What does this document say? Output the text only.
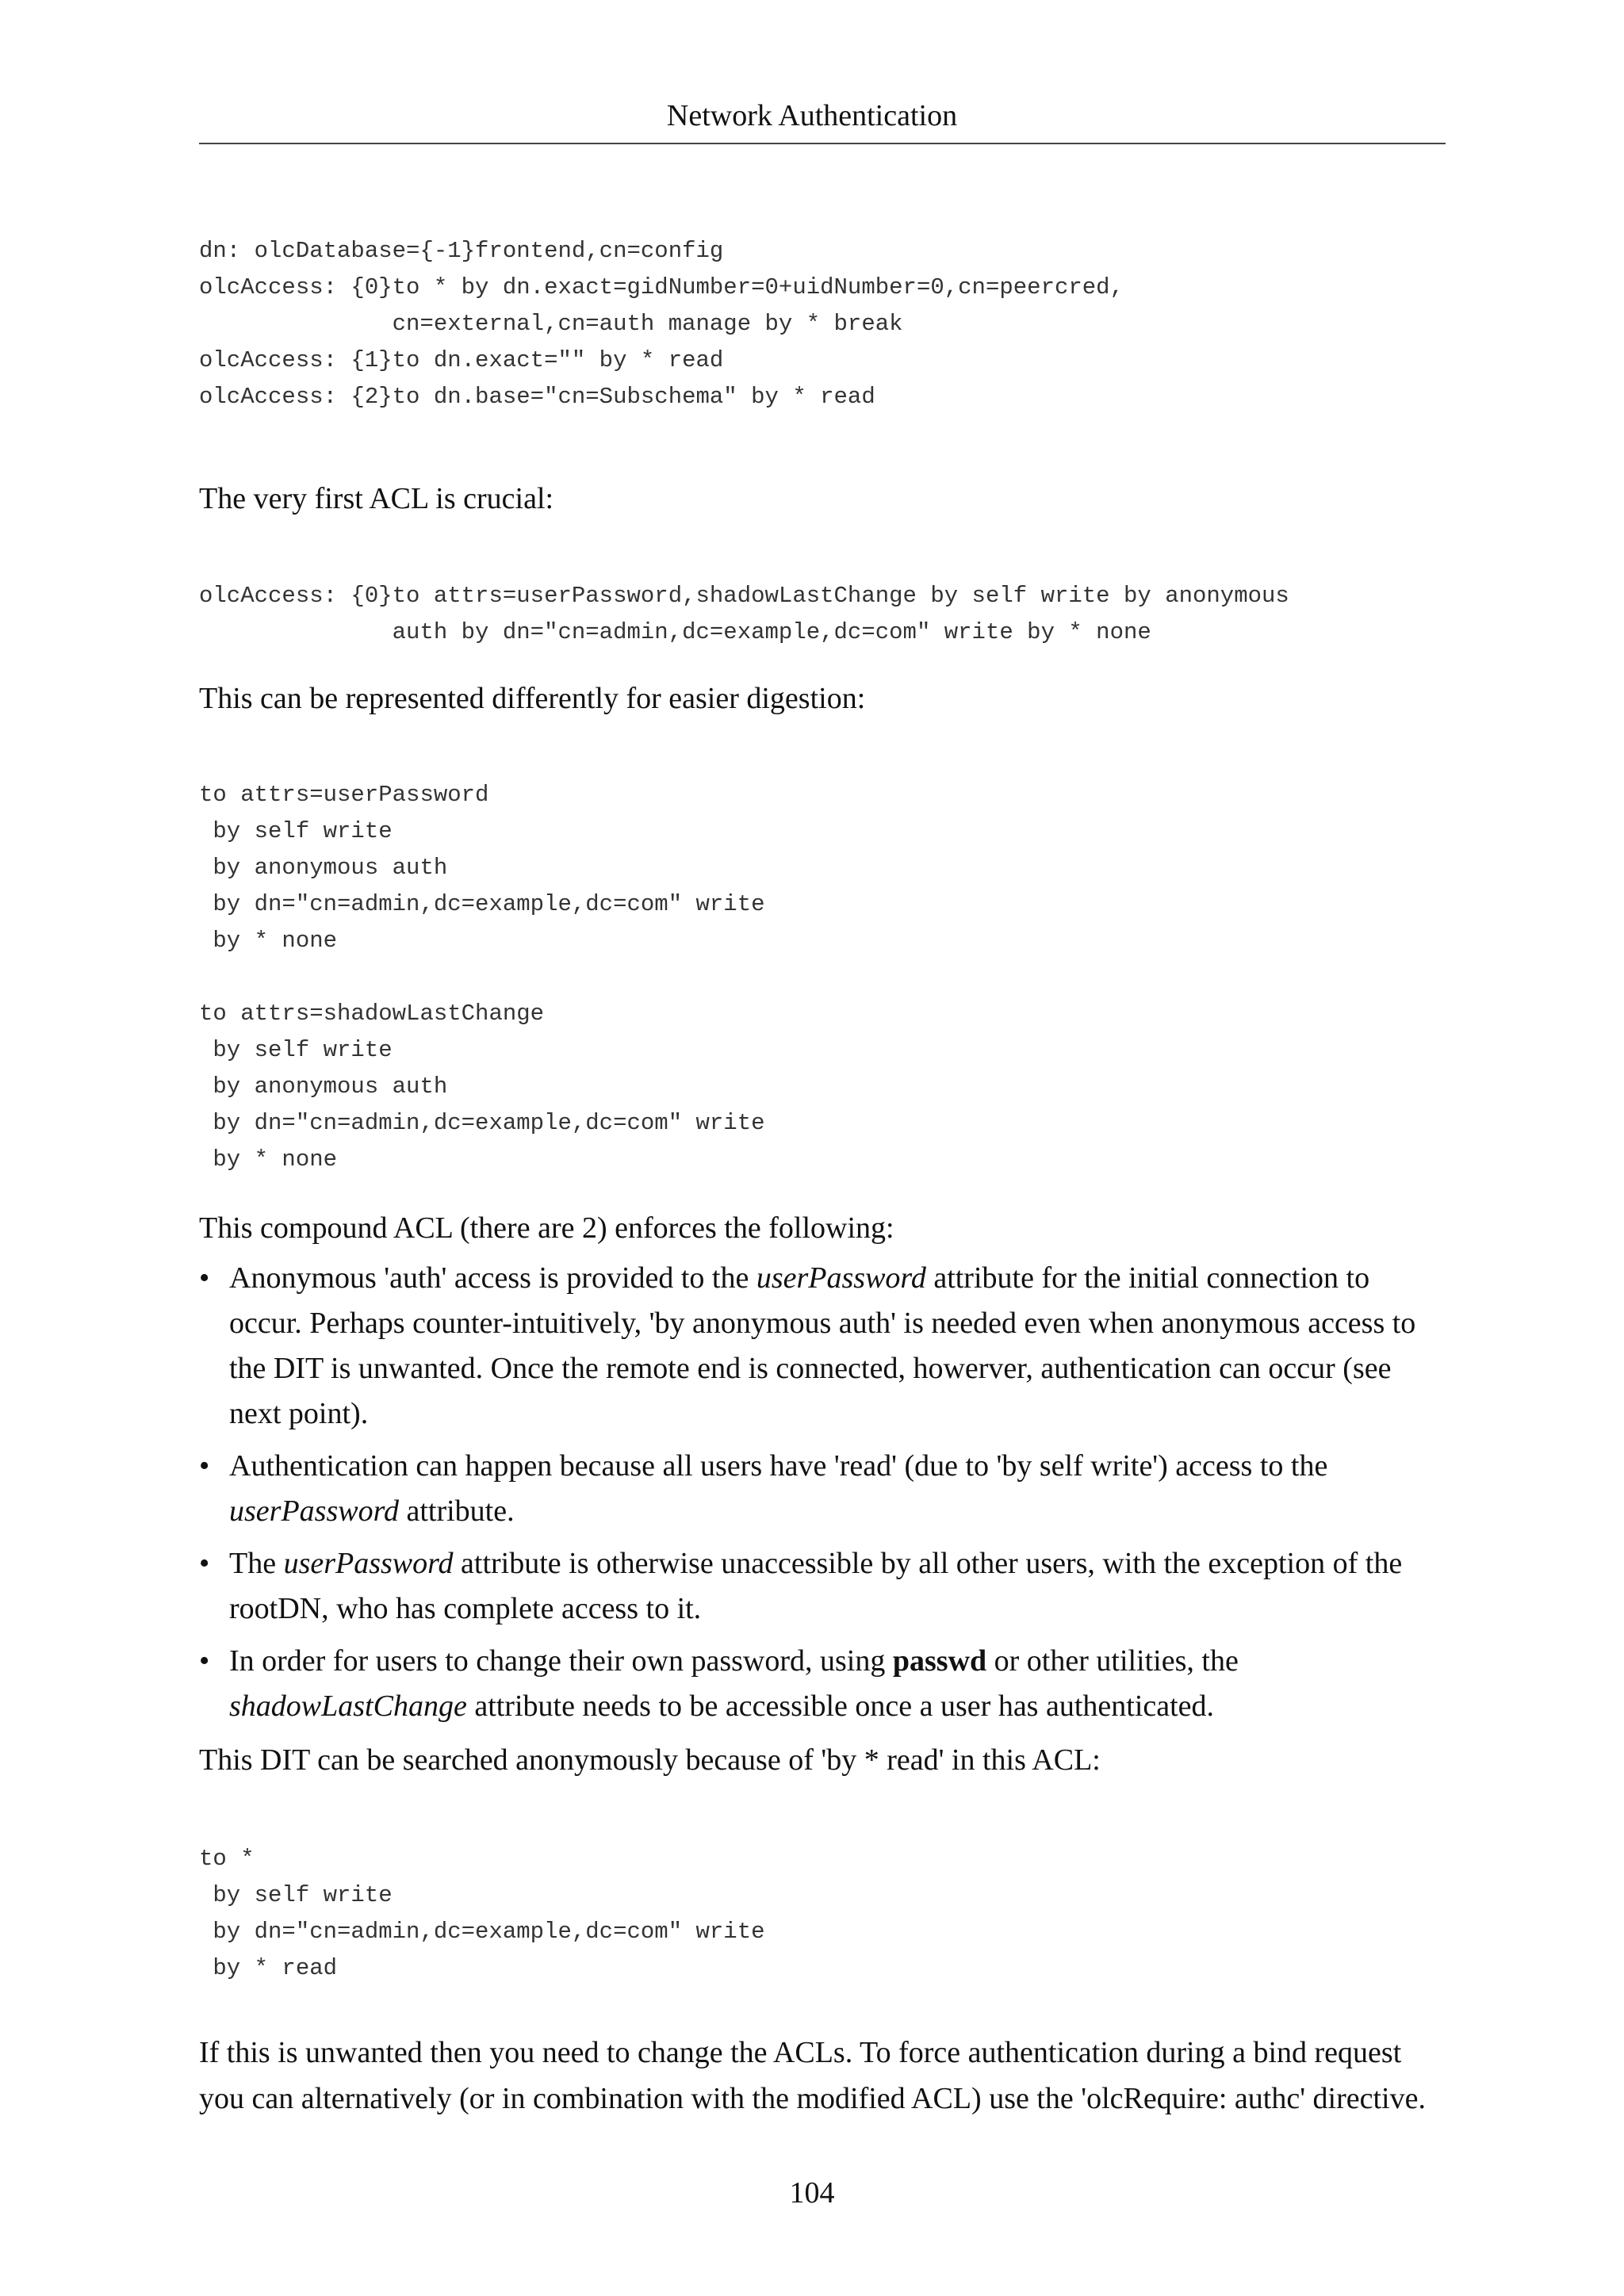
Network Authentication
dn: olcDatabase={-1}frontend,cn=config
olcAccess: {0}to * by dn.exact=gidNumber=0+uidNumber=0,cn=peercred,
cn=external,cn=auth manage by * break
olcAccess: {1}to dn.exact="" by * read
olcAccess: {2}to dn.base="cn=Subschema" by * read

The very first ACL is crucial:

olcAccess: {0}to attrs=userPassword,shadowLastChange by self write by anonymous
auth by dn="cn=admin,dc=example,dc=com" write by * none

This can be represented differently for easier digestion:

to attrs=userPassword
by self write
by anonymous auth
by dn="cn=admin,dc=example,dc=com" write
by * none

to attrs=shadowLastChange
by self write
by anonymous auth
by dn="cn=admin,dc=example,dc=com" write
by * none

This compound ACL (there are 2) enforces the following:

• Anonymous 'auth' access is provided to the userPassword attribute for the initial connection to occur. Perhaps counter-intuitively, 'by anonymous auth' is needed even when anonymous access to the DIT is unwanted. Once the remote end is connected, howerver, authentication can occur (see next point).
• Authentication can happen because all users have 'read' (due to 'by self write') access to the userPassword attribute.
• The userPassword attribute is otherwise unaccessible by all other users, with the exception of the rootDN, who has complete access to it.
• In order for users to change their own password, using passwd or other utilities, the shadowLastChange attribute needs to be accessible once a user has authenticated.

This DIT can be searched anonymously because of 'by * read' in this ACL:

to *
by self write
by dn="cn=admin,dc=example,dc=com" write
by * read

If this is unwanted then you need to change the ACLs. To force authentication during a bind request you can alternatively (or in combination with the modified ACL) use the 'olcRequire: authc' directive.

104
